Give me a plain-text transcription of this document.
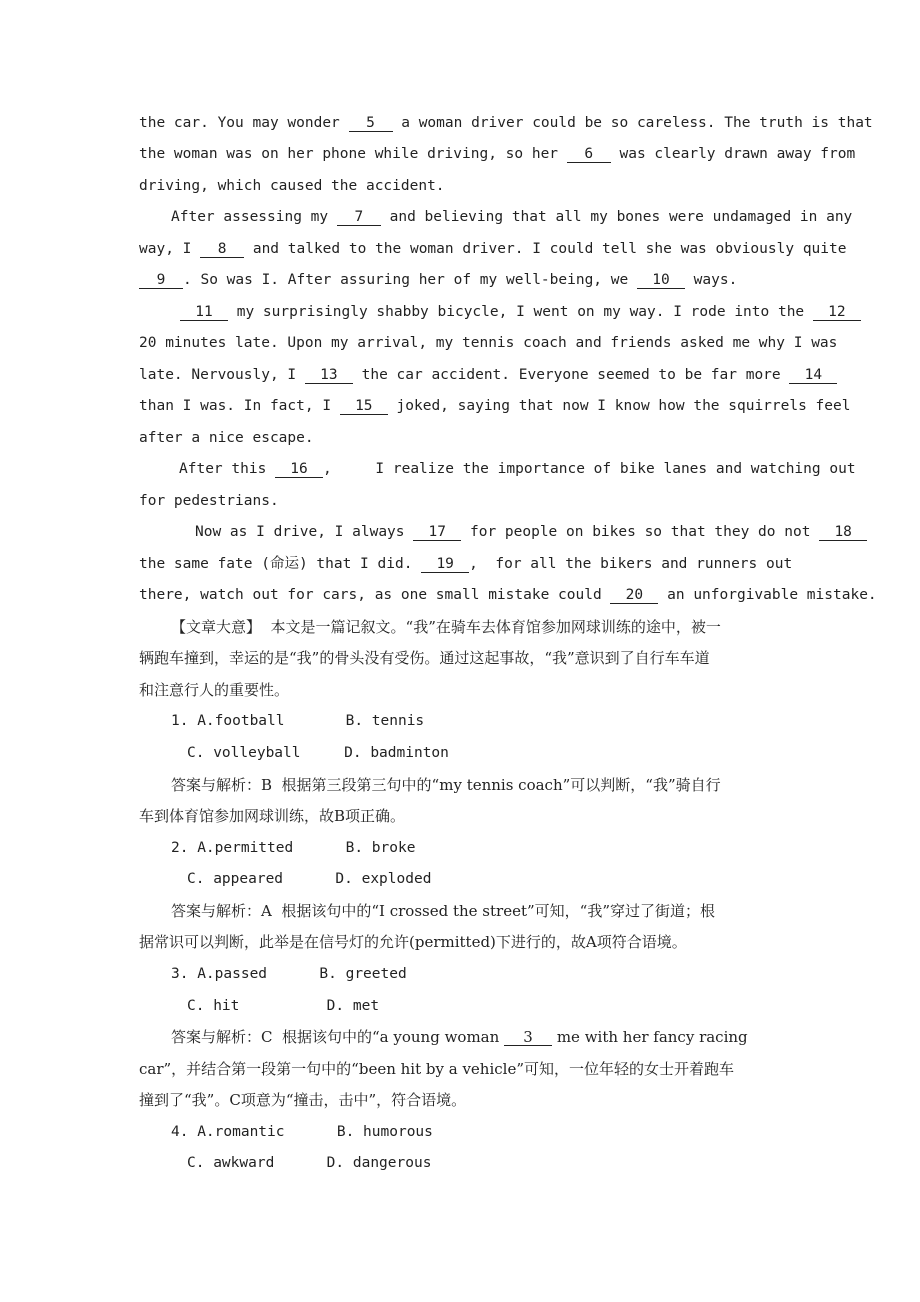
the car. You may wonder 5 a woman driver could be so careless. The truth is that
the woman was on her phone while driving, so her 6 was clearly drawn away from
driving, which caused the accident.
After assessing my 7 and believing that all my bones were undamaged in any
way, I 8 and talked to the woman driver. I could tell she was obviously quite
9 . So was I. After assuring her of my well-being, we 10 ways.
11 my surprisingly shabby bicycle, I went on my way. I rode into the 12
20 minutes late. Upon my arrival, my tennis coach and friends asked me why I was
late. Nervously, I 13 the car accident. Everyone seemed to be far more 14
than I was. In fact, I 15 joked, saying that now I know how the squirrels feel
after a nice escape.
After this 16 ,     I realize the importance of bike lanes and watching out
for pedestrians.
Now as I drive, I always 17 for people on bikes so that they do not 18
the same fate (命运) that I did. 19 ,  for all the bikers and runners out
there, watch out for cars, as one small mistake could 20 an unforgivable mistake.
【文章大意】  本文是一篇记叙文。“我”在骑车去体育馆参加网球训练的途中，被一
辆跑车撞到，幸运的是“我”的骨头没有受伤。通过这起事故，“我”意识到了自行车车道
和注意行人的重要性。
1. A.football       B. tennis
C. volleyball     D. badminton
答案与解析：B  根据第三段第三句中的“my tennis coach”可以判断，“我”骑自行
车到体育馆参加网球训练，故B项正确。
2. A.permitted      B. broke
C. appeared      D. exploded
答案与解析：A  根据该句中的“I crossed the street”可知，“我”穿过了街道；根
据常识可以判断，此举是在信号灯的允许(permitted)下进行的，故A项符合语境。
3. A.passed      B. greeted
C. hit          D. met
答案与解析：C  根据该句中的“a young woman 3 me with her fancy racing
car”，并结合第一段第一句中的“been hit by a vehicle”可知，一位年轻的女士开着跑车
撞到了“我”。C项意为“撞击，击中”，符合语境。
4. A.romantic      B. humorous
C. awkward      D. dangerous
